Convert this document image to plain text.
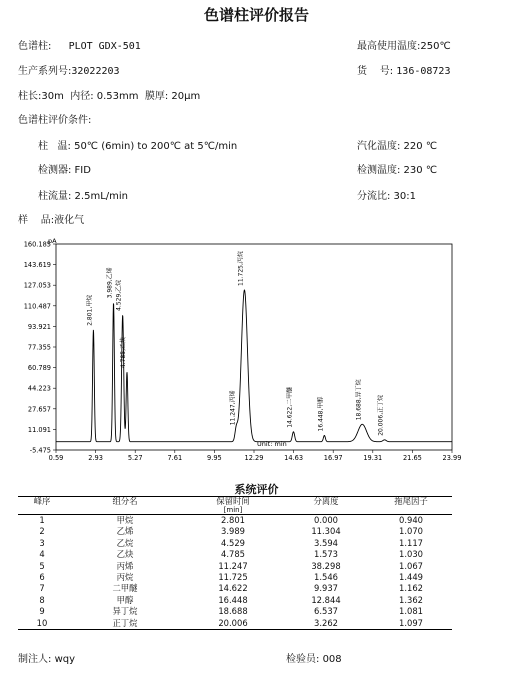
色谱柱评价报告
色谱柱: PLOT GDX-501	最高使用温度:250℃
生产系列号:32022203	货    号: 136-08723
柱长:30m  内径: 0.53mm  膜厚: 20μm
色谱柱评价条件:
柱   温: 50℃ (6min) to 200℃ at 5℃/min	汽化温度: 220 ℃
检测器: FID	检测温度: 230 ℃
柱流量: 2.5mL/min	分流比: 30:1
样    品:液化气
160.185
143.619
127.053
110.487
93.921
77.355
60.789
44.223
27.657
11.091
-5.475
0.59	2.93	5.27	7.61	9.95	12.29	14.63	16.97	19.31	21.65	23.99
pA
Unit: min
2.801,甲烷
3.989,乙烯 4.529,乙烷
4.785,乙炔
11.247,丙烯
11.725,丙烷
14.622,二甲醚	16.448,甲醇	18.688,异丁烷	20.006,正丁烷
系统评价
峰序	组分名	保留时间	分离度	拖尾因子
		[min]		
1	甲烷	2.801	0.000	0.940
2	乙烯	3.989	11.304	1.070
3	乙烷	4.529	3.594	1.117
4	乙炔	4.785	1.573	1.030
5	丙烯	11.247	38.298	1.067
6	丙烷	11.725	1.546	1.449
7	二甲醚	14.622	9.937	1.162
8	甲醇	16.448	12.844	1.362
9	异丁烷	18.688	6.537	1.081
10	正丁烷	20.006	3.262	1.097
制注人: wqy	检验员: 008
